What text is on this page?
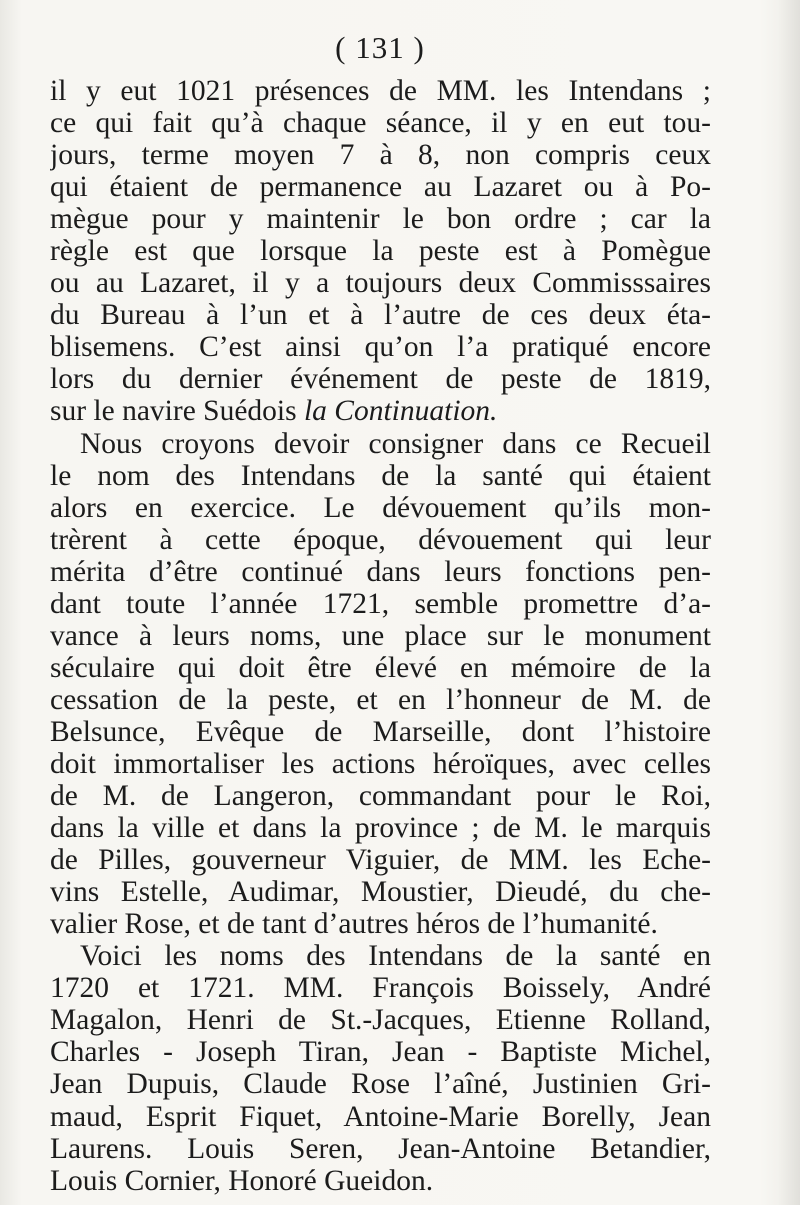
( 131 )
il y eut 1021 présences de MM. les Intendans ;
ce qui fait qu’à chaque séance, il y en eut tou-
jours, terme moyen 7 à 8, non compris ceux
qui étaient de permanence au Lazaret ou à Po-
mègue pour y maintenir le bon ordre ; car la
règle est que lorsque la peste est à Pomègue
ou au Lazaret, il y a toujours deux Commisssaires
du Bureau à l’un et à l’autre de ces deux éta-
blisemens. C’est ainsi qu’on l’a pratiqué encore
lors du dernier événement de peste de 1819,
sur le navire Suédois la Continuation.
Nous croyons devoir consigner dans ce Recueil
le nom des Intendans de la santé qui étaient
alors en exercice. Le dévouement qu’ils mon-
trèrent à cette époque, dévouement qui leur
mérita d’être continué dans leurs fonctions pen-
dant toute l’année 1721, semble promettre d’a-
vance à leurs noms, une place sur le monument
séculaire qui doit être élevé en mémoire de la
cessation de la peste, et en l’honneur de M. de
Belsunce, Evêque de Marseille, dont l’histoire
doit immortaliser les actions héroïques, avec celles
de M. de Langeron, commandant pour le Roi,
dans la ville et dans la province ; de M. le marquis
de Pilles, gouverneur Viguier, de MM. les Eche-
vins Estelle, Audimar, Moustier, Dieudé, du che-
valier Rose, et de tant d’autres héros de l’humanité.
Voici les noms des Intendans de la santé en
1720 et 1721. MM. François Boissely, André
Magalon, Henri de St.-Jacques, Etienne Rolland,
Charles - Joseph Tiran, Jean - Baptiste Michel,
Jean Dupuis, Claude Rose l’aîné, Justinien Gri-
maud, Esprit Fiquet, Antoine-Marie Borelly, Jean
Laurens. Louis Seren, Jean-Antoine Betandier,
Louis Cornier, Honoré Gueidon.
